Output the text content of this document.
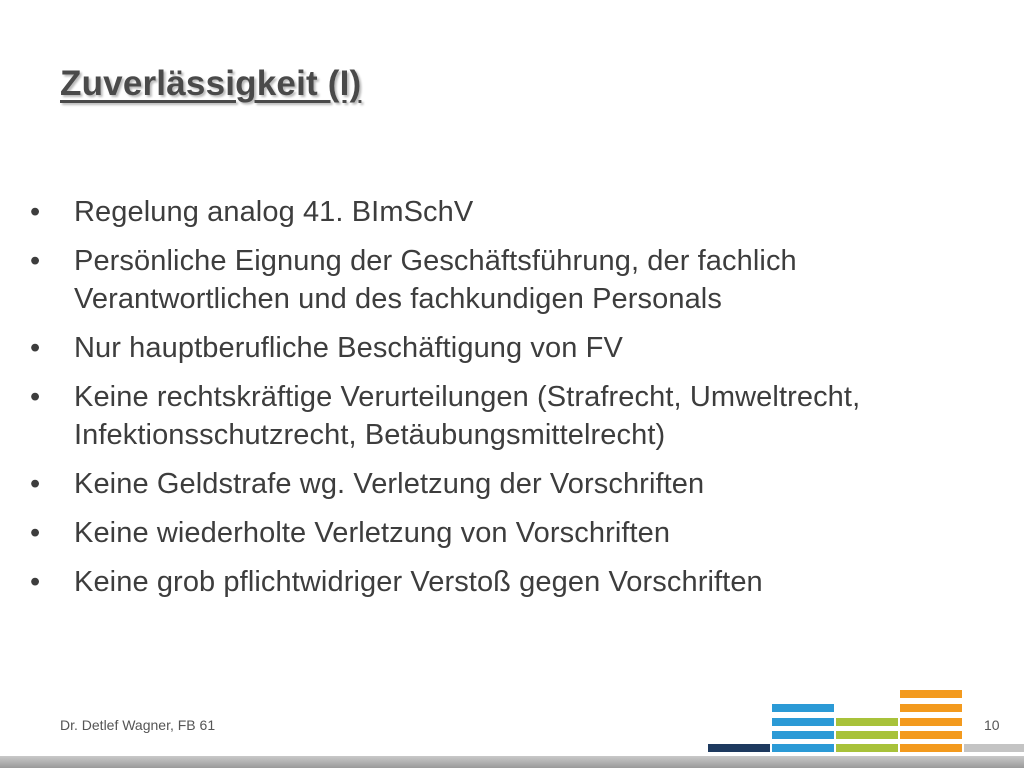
Zuverlässigkeit (I)
•	Regelung analog 41. BImSchV
•	Persönliche Eignung der Geschäftsführung, der fachlich Verantwortlichen und des fachkundigen Personals
•	Nur hauptberufliche Beschäftigung von FV
•	Keine rechtskräftige Verurteilungen (Strafrecht, Umweltrecht, Infektionsschutzrecht, Betäubungsmittelrecht)
•	Keine Geldstrafe wg. Verletzung der Vorschriften
•	Keine wiederholte Verletzung von Vorschriften
•	Keine grob pflichtwidriger Verstoß gegen Vorschriften
Dr. Detlef Wagner, FB 61	10
